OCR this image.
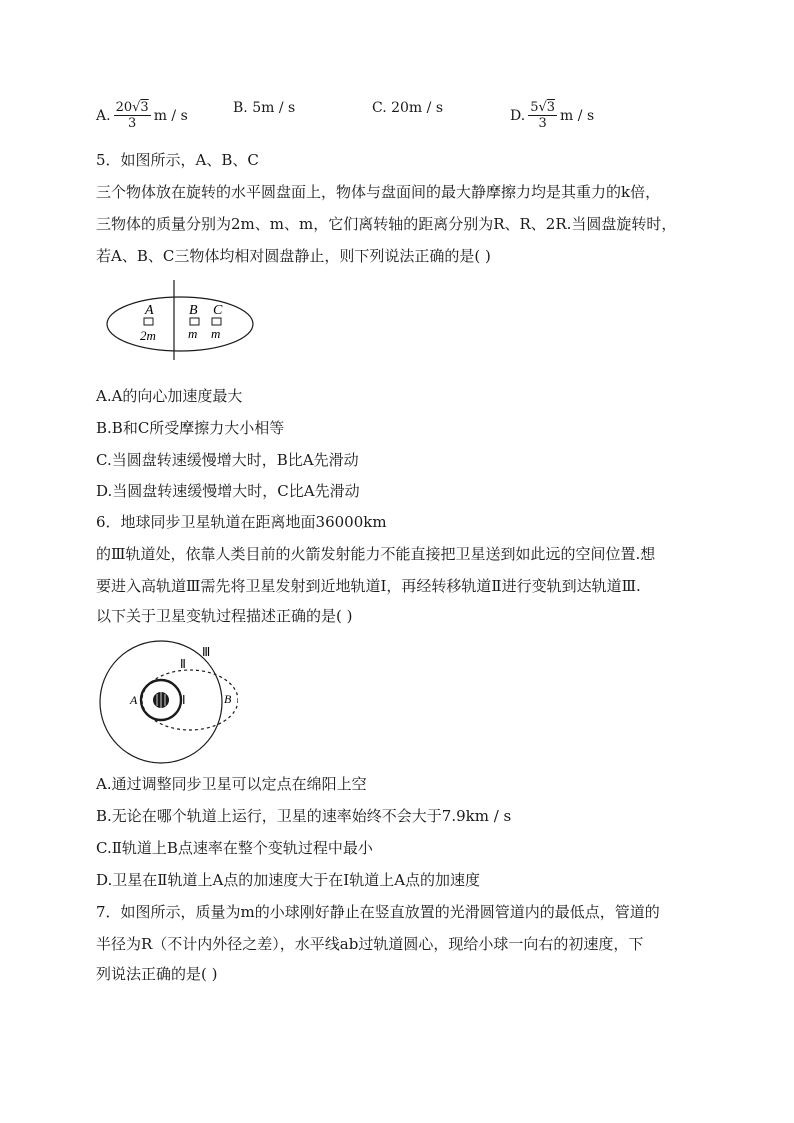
A. $\frac{20√3}{3}$ m / s	B. 5m / s	C. 20m / s	D. $\frac{5√3}{3}$ m / s
5．如图所示，A、B、C
三个物体放在旋转的水平圆盘面上，物体与盘面间的最大静摩擦力均是其重力的k倍，
三物体的质量分别为2m、m、m，它们离转轴的距离分别为R、R、2R.当圆盘旋转时，
若A、B、C三物体均相对圆盘静止，则下列说法正确的是( )
A	B C
2m m m
A.A的向心加速度最大
B.B和C所受摩擦力大小相等
C.当圆盘转速缓慢增大时，B比A先滑动
D.当圆盘转速缓慢增大时，C比A先滑动
6．地球同步卫星轨道在距离地面36000km
的Ⅲ轨道处，依靠人类目前的火箭发射能力不能直接把卫星送到如此远的空间位置.想
要进入高轨道Ⅲ需先将卫星发射到近地轨道Ⅰ，再经转移轨道Ⅱ进行变轨到达轨道Ⅲ.
以下关于卫星变轨过程描述正确的是( )
Ⅲ
Ⅱ
Ⅰ
A	B
A.通过调整同步卫星可以定点在绵阳上空
B.无论在哪个轨道上运行，卫星的速率始终不会大于7.9km / s
C.Ⅱ轨道上B点速率在整个变轨过程中最小
D.卫星在Ⅱ轨道上A点的加速度大于在Ⅰ轨道上A点的加速度
7．如图所示，质量为m的小球刚好静止在竖直放置的光滑圆管道内的最低点，管道的
半径为R（不计内外径之差），水平线ab过轨道圆心，现给小球一向右的初速度，下
列说法正确的是( )
